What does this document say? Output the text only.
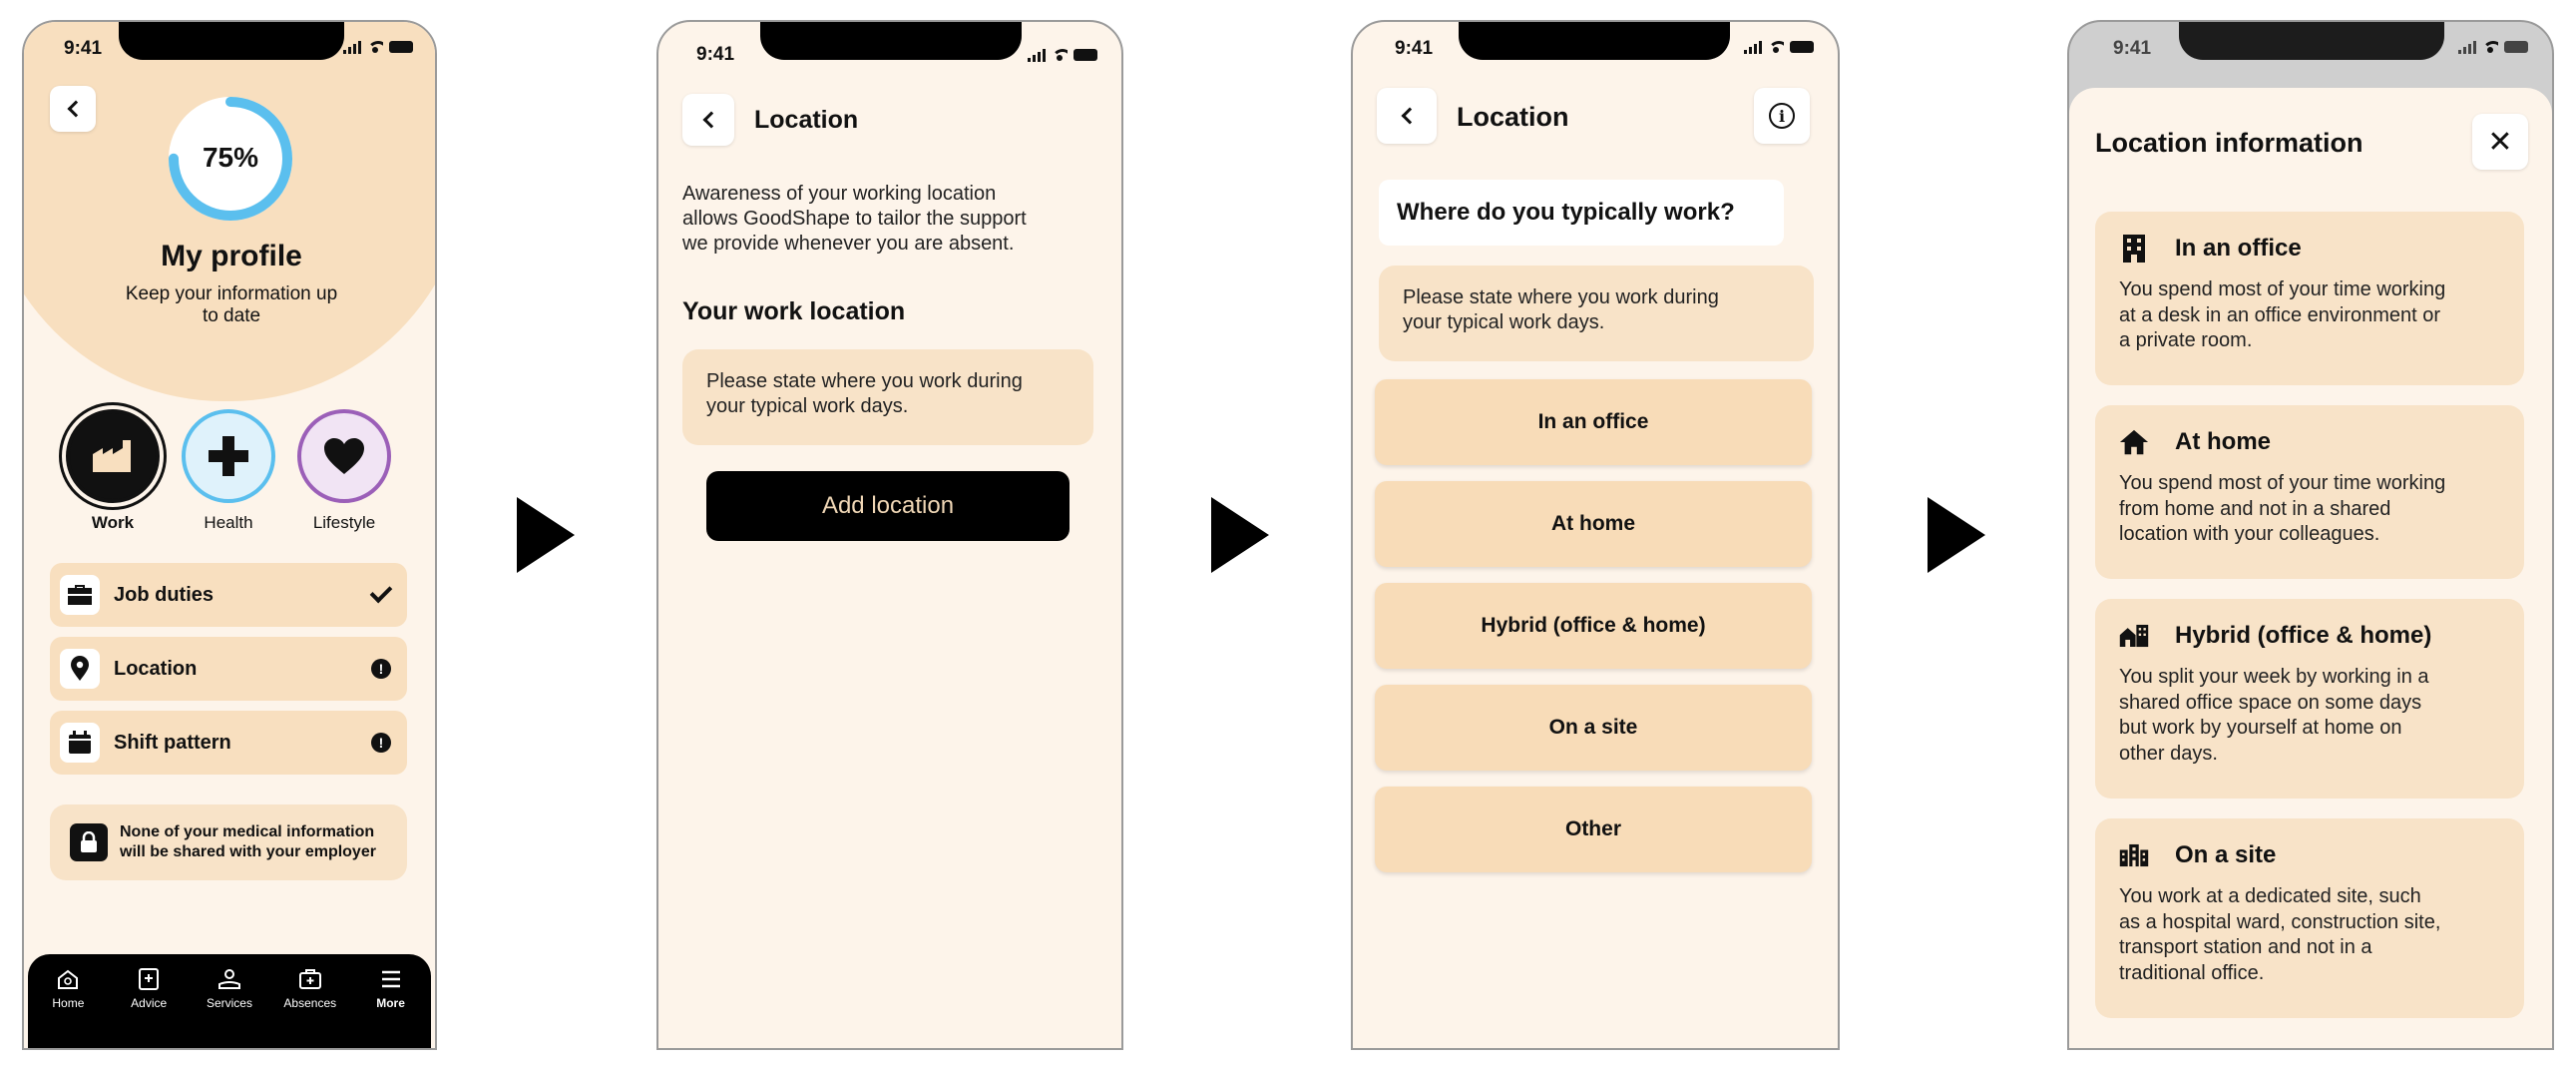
9:41
75%
My profile
Keep your information up
to date
Work	Health	Lifestyle
Job duties
Location	!
Shift pattern	!
None of your medical information
will be shared with your employer
Home	Advice	Services	Absences	More
9:41
Location
Awareness of your working location
allows GoodShape to tailor the support
we provide whenever you are absent.
Your work location
Please state where you work during
your typical work days.
Add location
9:41
Location	i
Where do you typically work?
Please state where you work during
your typical work days.
In an office
At home
Hybrid (office & home)
On a site
Other
9:41
Location information	✕
In an office
You spend most of your time working
at a desk in an office environment or
a private room.
At home
You spend most of your time working
from home and not in a shared
location with your colleagues.
Hybrid (office & home)
You split your week by working in a
shared office space on some days
but work by yourself at home on
other days.
On a site
You work at a dedicated site, such
as a hospital ward, construction site,
transport station and not in a
traditional office.
